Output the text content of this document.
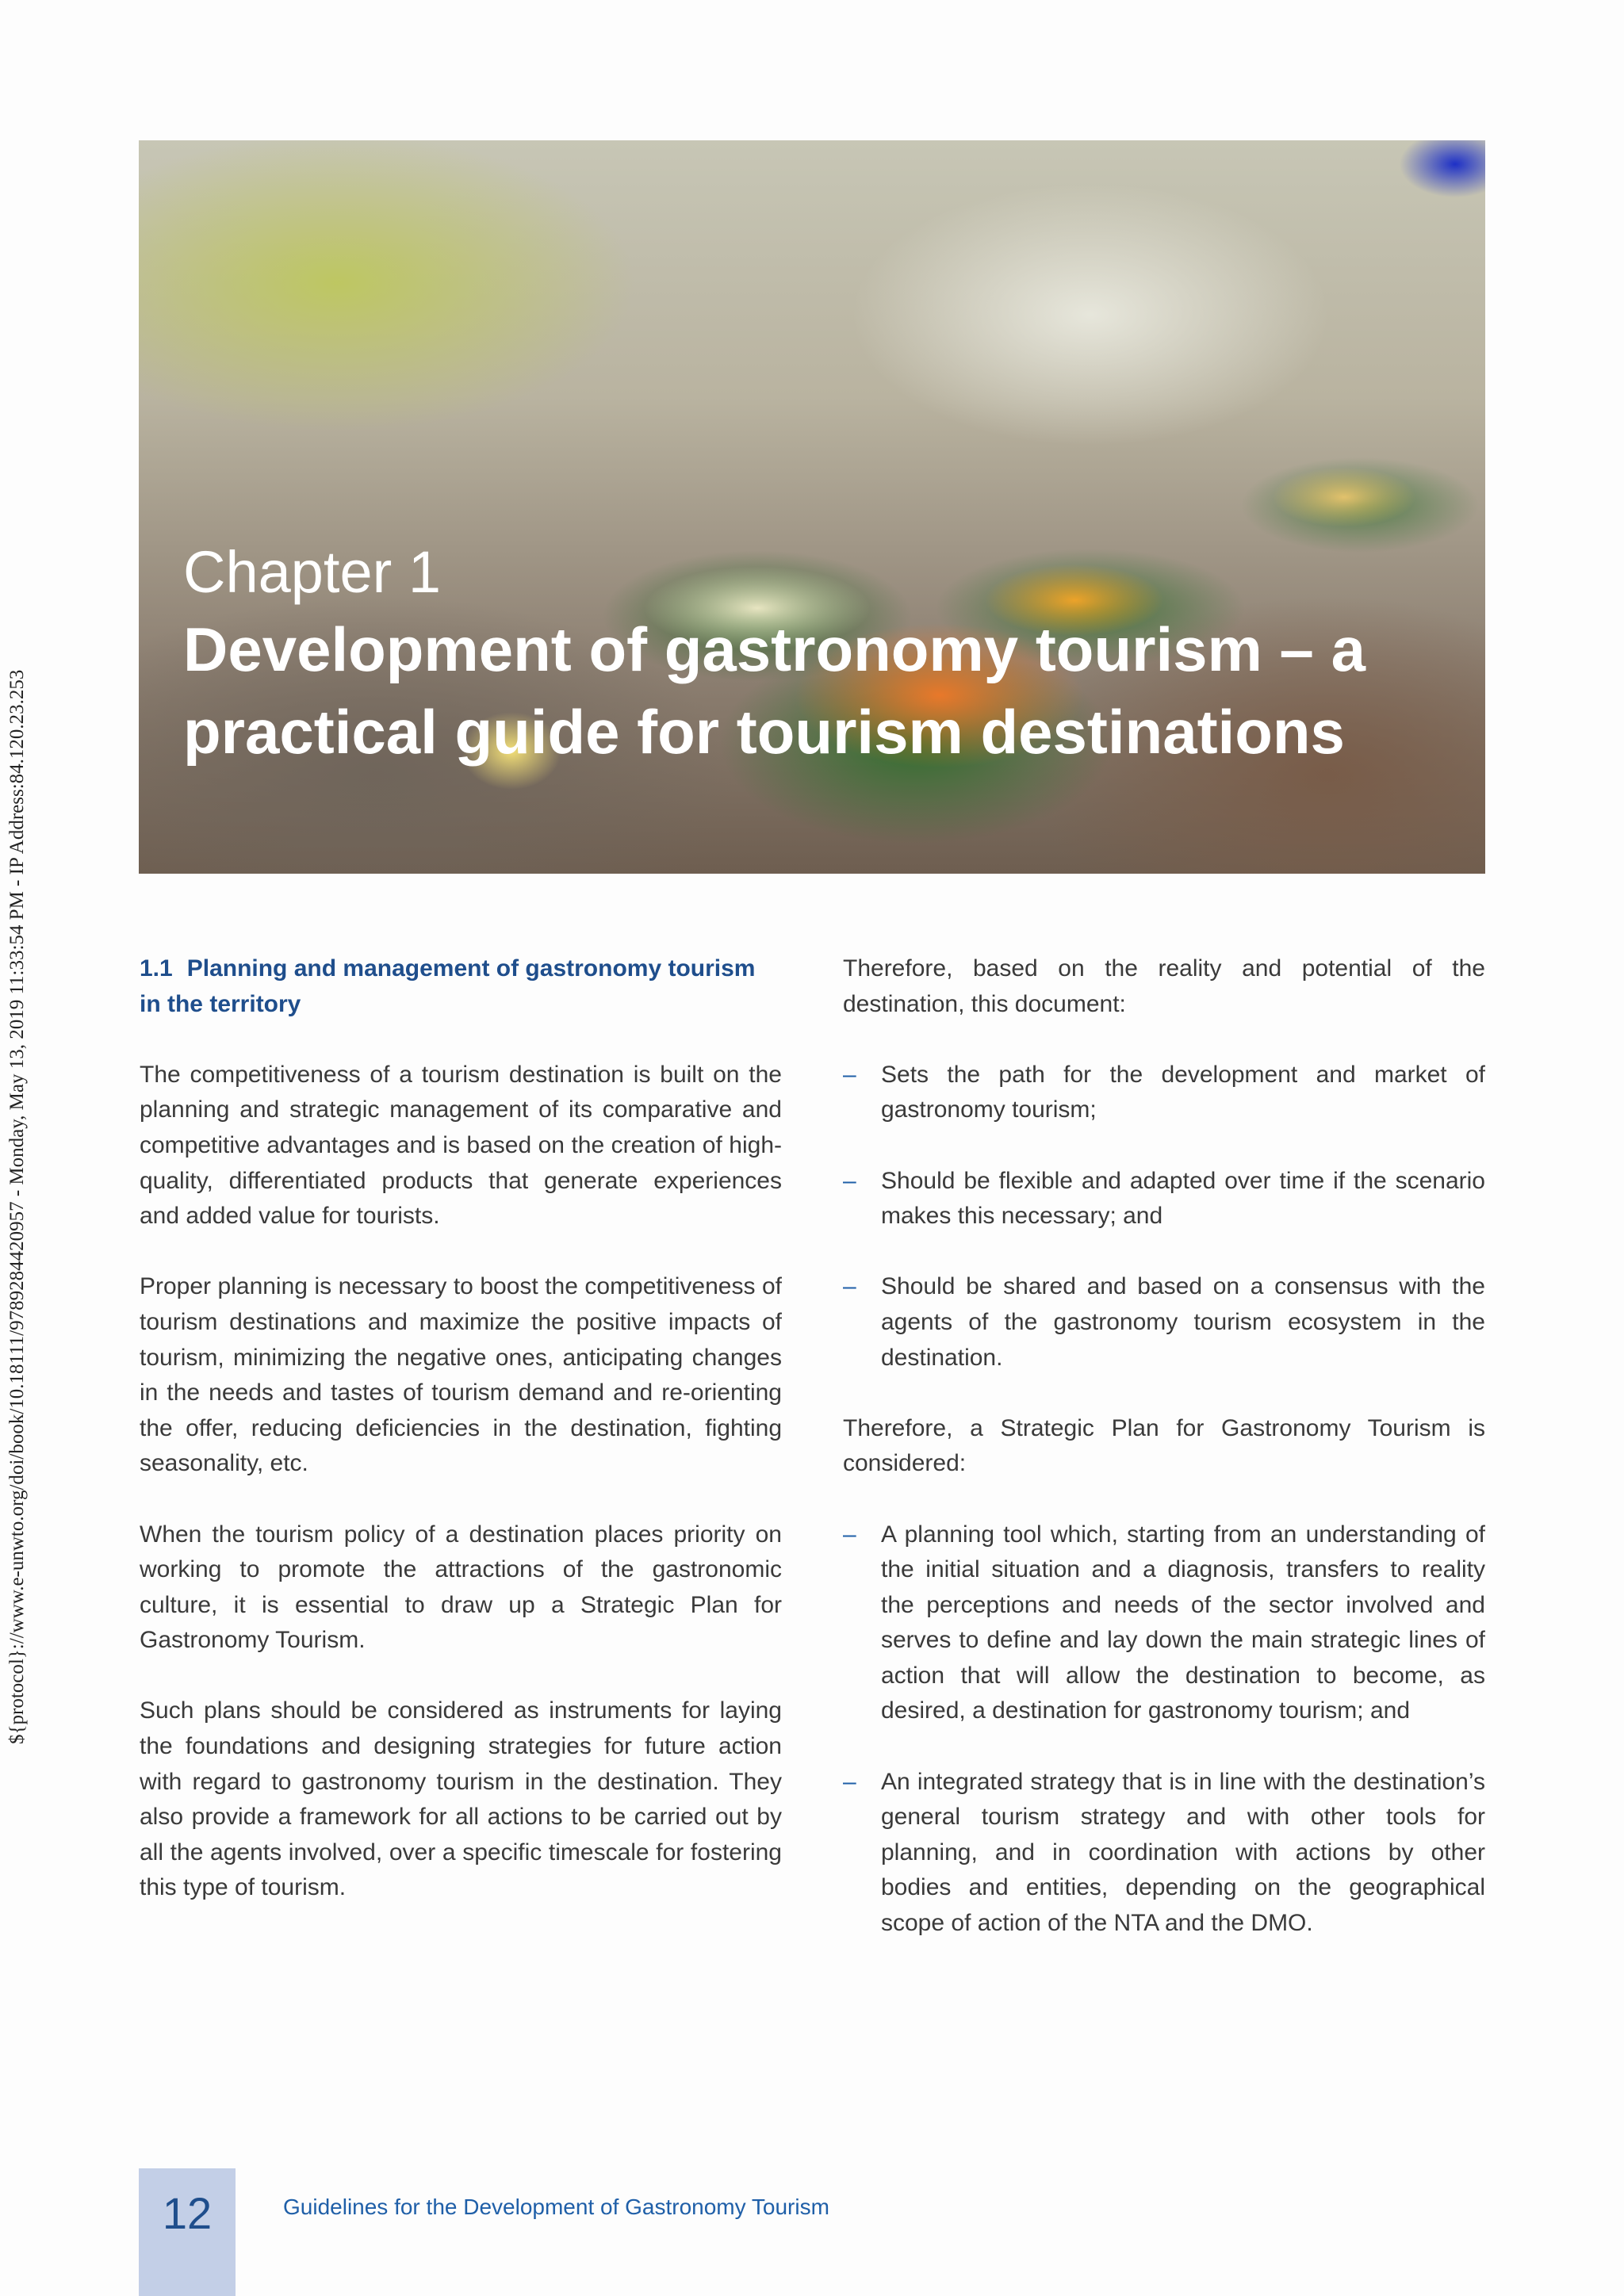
${protocol}://www.e-unwto.org/doi/book/10.18111/9789284420957 - Monday, May 13, 2019 11:33:54 PM - IP Address:84.120.23.253
Chapter 1
Development of gastronomy tourism – a practical guide for tourism destinations
1.1 Planning and management of gastronomy tourism in the territory

The competitiveness of a tourism destination is built on the planning and strategic management of its comparative and competitive advantages and is based on the creation of high-quality, differentiated products that generate experiences and added value for tourists.

Proper planning is necessary to boost the competitiveness of tourism destinations and maximize the positive impacts of tourism, minimizing the negative ones, anticipating changes in the needs and tastes of tourism demand and re-orienting the offer, reducing deficiencies in the destination, fighting seasonality, etc.

When the tourism policy of a destination places priority on working to promote the attractions of the gastronomic culture, it is essential to draw up a Strategic Plan for Gastronomy Tourism.

Such plans should be considered as instruments for laying the foundations and designing strategies for future action with regard to gastronomy tourism in the destination. They also provide a framework for all actions to be carried out by all the agents involved, over a specific timescale for fostering this type of tourism.

Therefore, based on the reality and potential of the destination, this document:

– Sets the path for the development and market of gastronomy tourism;
– Should be flexible and adapted over time if the scenario makes this necessary; and
– Should be shared and based on a consensus with the agents of the gastronomy tourism ecosystem in the destination.

Therefore, a Strategic Plan for Gastronomy Tourism is considered:

– A planning tool which, starting from an understanding of the initial situation and a diagnosis, transfers to reality the perceptions and needs of the sector involved and serves to define and lay down the main strategic lines of action that will allow the destination to become, as desired, a destination for gastronomy tourism; and
– An integrated strategy that is in line with the destination’s general tourism strategy and with other tools for planning, and in coordination with actions by other bodies and entities, depending on the geographical scope of action of the NTA and the DMO.
12	Guidelines for the Development of Gastronomy Tourism
